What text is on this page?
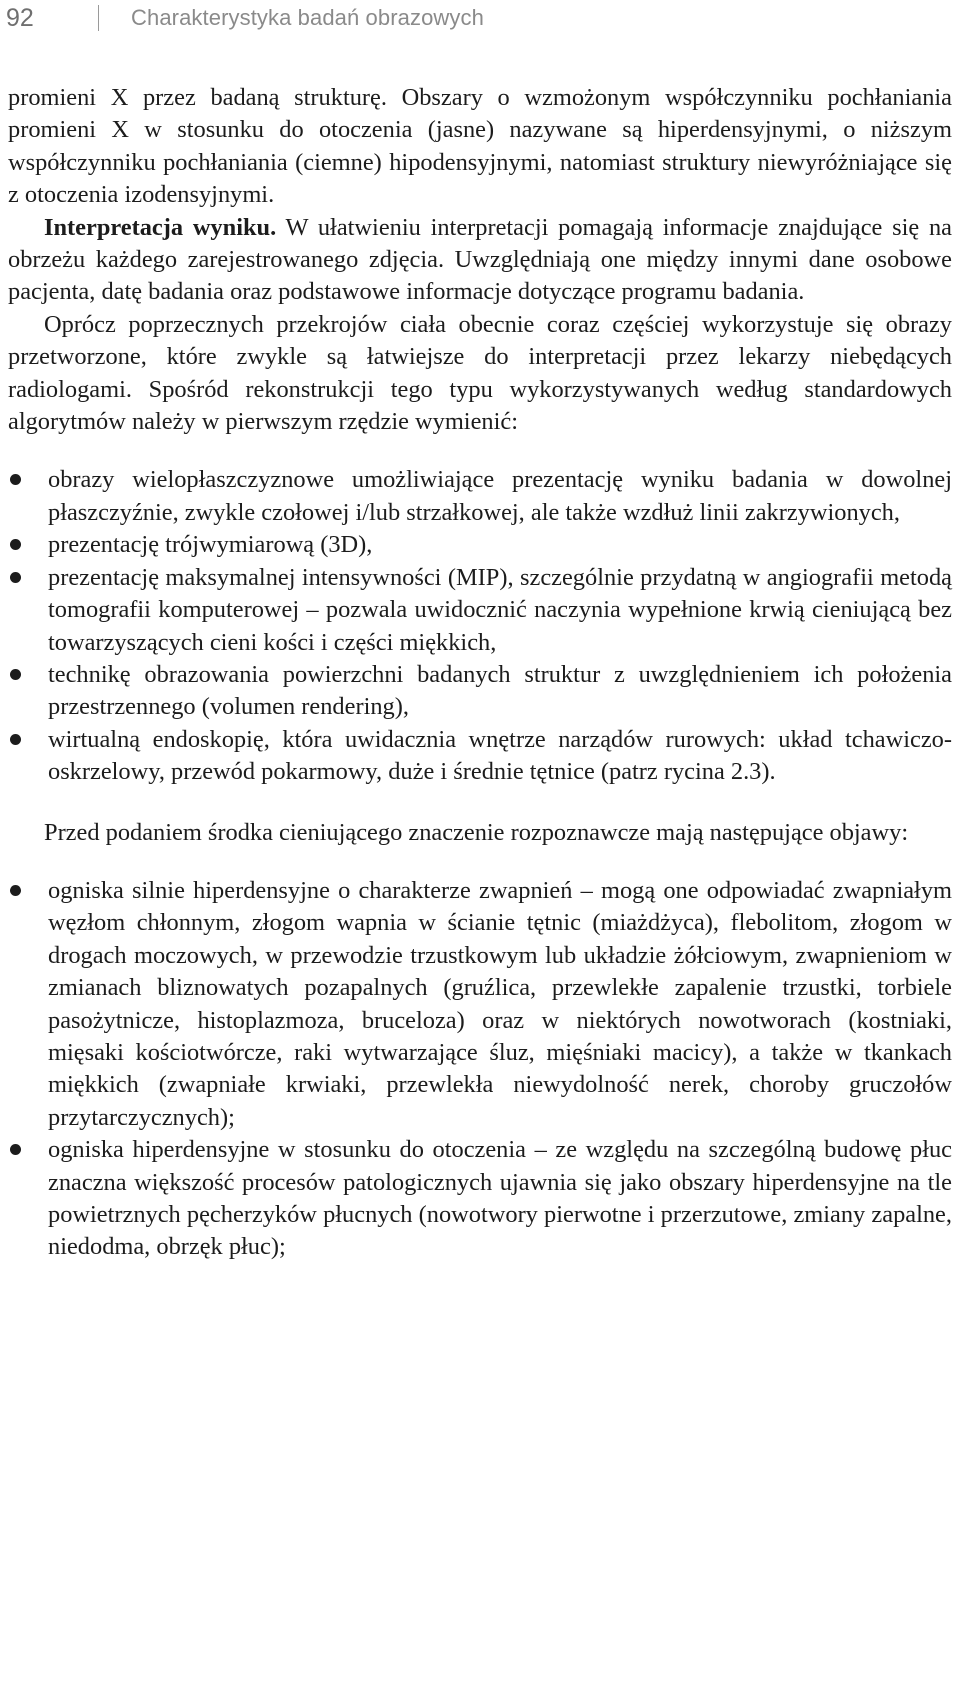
92	Charakterystyka badań obrazowych

promieni X przez badaną strukturę. Obszary o wzmożonym współczynniku pochłaniania promieni X w stosunku do otoczenia (jasne) nazywane są hiperdensyjnymi, o niższym współczynniku pochłaniania (ciemne) hipodensyjnymi, natomiast struktury niewyróżniające się z otoczenia izodensyjnymi.

Interpretacja wyniku. W ułatwieniu interpretacji pomagają informacje znajdujące się na obrzeżu każdego zarejestrowanego zdjęcia. Uwzględniają one między innymi dane osobowe pacjenta, datę badania oraz podstawowe informacje dotyczące programu badania.

Oprócz poprzecznych przekrojów ciała obecnie coraz częściej wykorzystuje się obrazy przetworzone, które zwykle są łatwiejsze do interpretacji przez lekarzy niebędących radiologami. Spośród rekonstrukcji tego typu wykorzystywanych według standardowych algorytmów należy w pierwszym rzędzie wymienić:

obrazy wielopłaszczyznowe umożliwiające prezentację wyniku badania w dowolnej płaszczyźnie, zwykle czołowej i/lub strzałkowej, ale także wzdłuż linii zakrzywionych,
prezentację trójwymiarową (3D),
prezentację maksymalnej intensywności (MIP), szczególnie przydatną w angiografii metodą tomografii komputerowej – pozwala uwidocznić naczynia wypełnione krwią cieniującą bez towarzyszących cieni kości i części miękkich,
technikę obrazowania powierzchni badanych struktur z uwzględnieniem ich położenia przestrzennego (volumen rendering),
wirtualną endoskopię, która uwidacznia wnętrze narządów rurowych: układ tchawiczo-oskrzelowy, przewód pokarmowy, duże i średnie tętnice (patrz rycina 2.3).

Przed podaniem środka cieniującego znaczenie rozpoznawcze mają następujące objawy:

ogniska silnie hiperdensyjne o charakterze zwapnień – mogą one odpowiadać zwapniałym węzłom chłonnym, złogom wapnia w ścianie tętnic (miażdżyca), flebolitom, złogom w drogach moczowych, w przewodzie trzustkowym lub układzie żółciowym, zwapnieniom w zmianach bliznowatych pozapalnych (gruźlica, przewlekłe zapalenie trzustki, torbiele pasożytnicze, histoplazmoza, bruceloza) oraz w niektórych nowotworach (kostniaki, mięsaki kościotwórcze, raki wytwarzające śluz, mięśniaki macicy), a także w tkankach miękkich (zwapniałe krwiaki, przewlekła niewydolność nerek, choroby gruczołów przytarczycznych);
ogniska hiperdensyjne w stosunku do otoczenia – ze względu na szczególną budowę płuc znaczna większość procesów patologicznych ujawnia się jako obszary hiperdensyjne na tle powietrznych pęcherzyków płucnych (nowotwory pierwotne i przerzutowe, zmiany zapalne, niedodma, obrzęk płuc);
